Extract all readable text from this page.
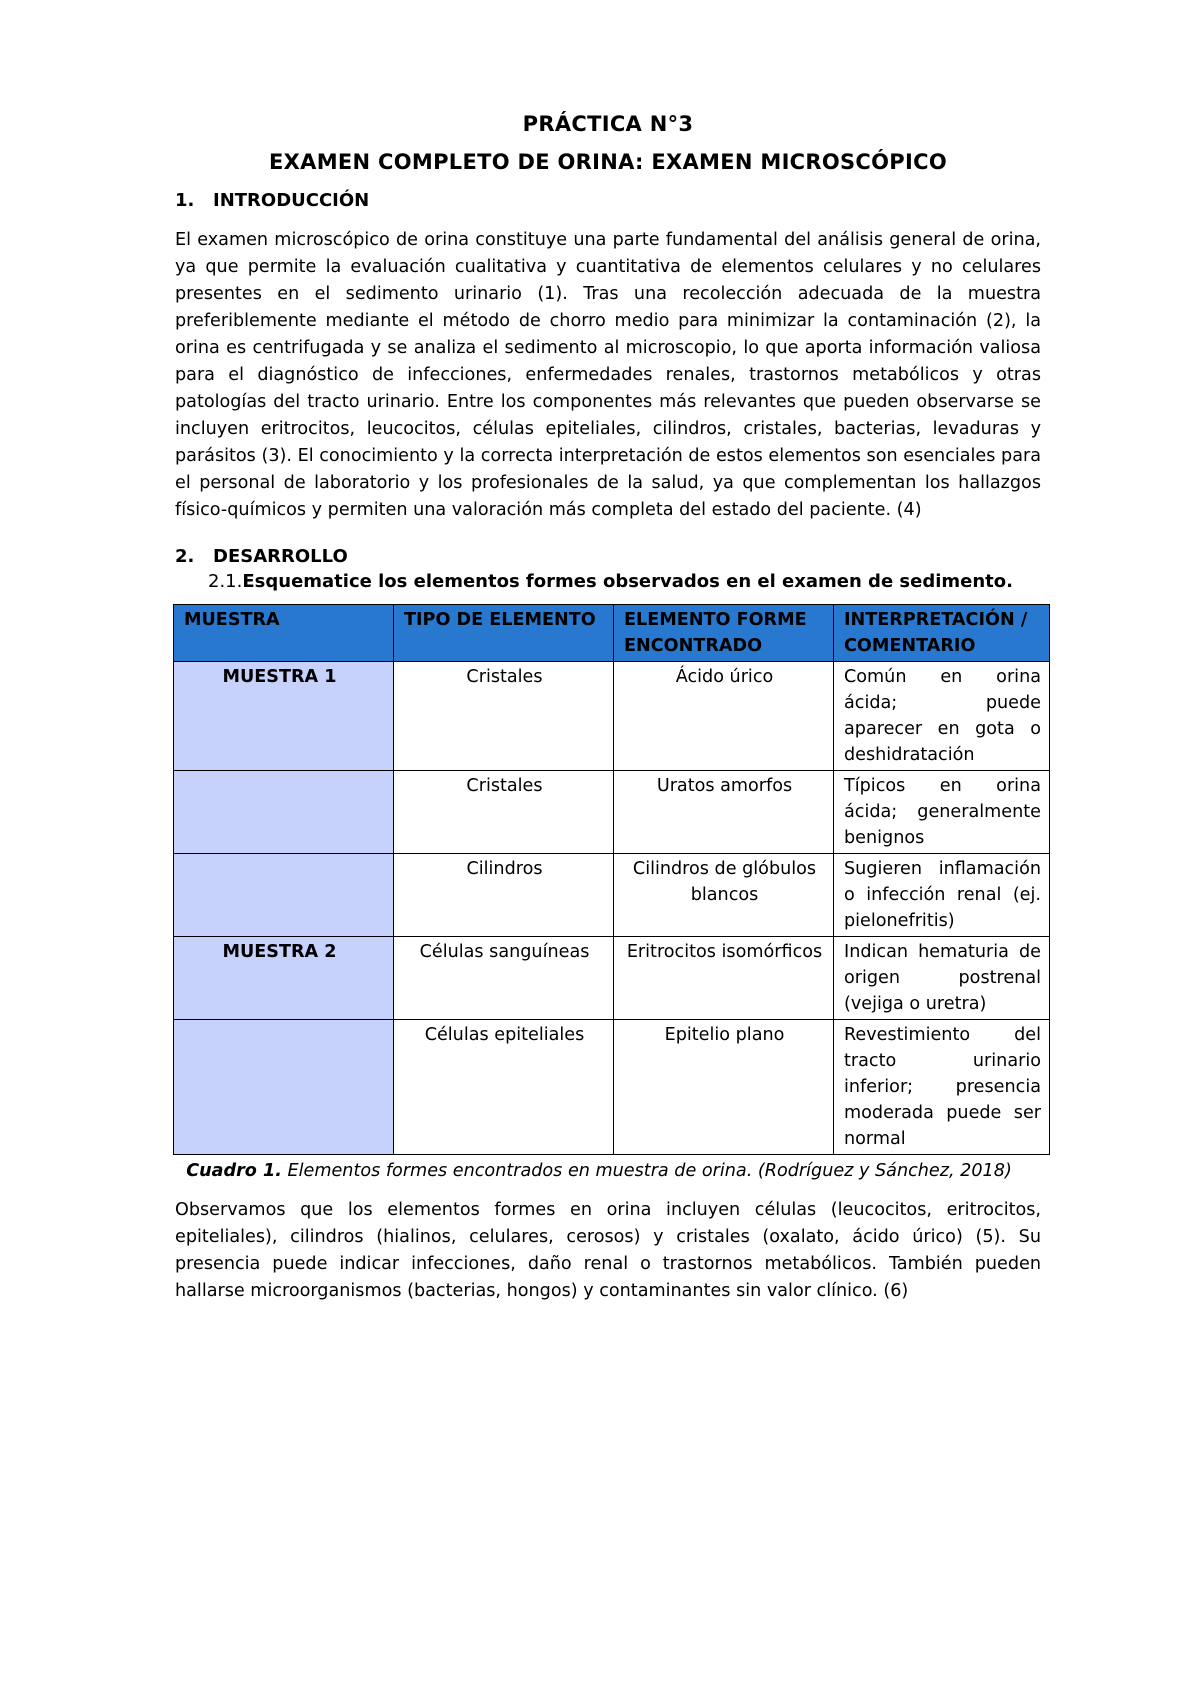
PRÁCTICA N°3

EXAMEN COMPLETO DE ORINA: EXAMEN MICROSCÓPICO

1.	INTRODUCCIÓN

El examen microscópico de orina constituye una parte fundamental del análisis general de orina, ya que permite la evaluación cualitativa y cuantitativa de elementos celulares y no celulares presentes en el sedimento urinario (1). Tras una recolección adecuada de la muestra preferiblemente mediante el método de chorro medio para minimizar la contaminación (2), la orina es centrifugada y se analiza el sedimento al microscopio, lo que aporta información valiosa para el diagnóstico de infecciones, enfermedades renales, trastornos metabólicos y otras patologías del tracto urinario. Entre los componentes más relevantes que pueden observarse se incluyen eritrocitos, leucocitos, células epiteliales, cilindros, cristales, bacterias, levaduras y parásitos (3). El conocimiento y la correcta interpretación de estos elementos son esenciales para el personal de laboratorio y los profesionales de la salud, ya que complementan los hallazgos físico-químicos y permiten una valoración más completa del estado del paciente. (4)

2.	DESARROLLO

2.1.Esquematice los elementos formes observados en el examen de sedimento.

MUESTRA	TIPO DE ELEMENTO	ELEMENTO FORME ENCONTRADO	INTERPRETACIÓN / COMENTARIO
MUESTRA 1	Cristales	Ácido úrico	Común en orina ácida; puede aparecer en gota o deshidratación
	Cristales	Uratos amorfos	Típicos en orina ácida; generalmente benignos
	Cilindros	Cilindros de glóbulos blancos	Sugieren inflamación o infección renal (ej. pielonefritis)
MUESTRA 2	Células sanguíneas	Eritrocitos isomórficos	Indican hematuria de origen postrenal (vejiga o uretra)
	Células epiteliales	Epitelio plano	Revestimiento del tracto urinario inferior; presencia moderada puede ser normal

Cuadro 1. Elementos formes encontrados en muestra de orina. (Rodríguez y Sánchez, 2018)

Observamos que los elementos formes en orina incluyen células (leucocitos, eritrocitos, epiteliales), cilindros (hialinos, celulares, cerosos) y cristales (oxalato, ácido úrico) (5). Su presencia puede indicar infecciones, daño renal o trastornos metabólicos. También pueden hallarse microorganismos (bacterias, hongos) y contaminantes sin valor clínico. (6)
